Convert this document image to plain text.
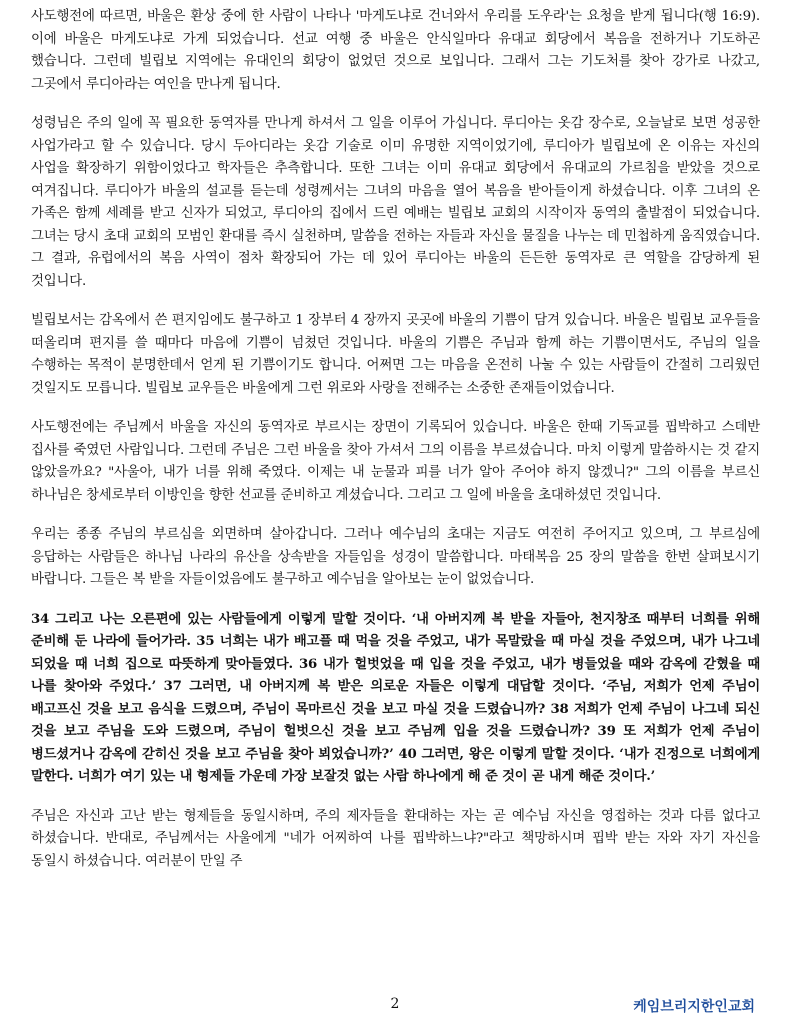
사도행전에 따르면, 바울은 환상 중에 한 사람이 나타나 '마게도냐로 건너와서 우리를 도우라'는 요청을 받게 됩니다(행 16:9). 이에 바울은 마게도냐로 가게 되었습니다. 선교 여행 중 바울은 안식일마다 유대교 회당에서 복음을 전하거나 기도하곤 했습니다. 그런데 빌립보 지역에는 유대인의 회당이 없었던 것으로 보입니다. 그래서 그는 기도처를 찾아 강가로 나갔고, 그곳에서 루디아라는 여인을 만나게 됩니다.

성령님은 주의 일에 꼭 필요한 동역자를 만나게 하셔서 그 일을 이루어 가십니다. 루디아는 옷감 장수로, 오늘날로 보면 성공한 사업가라고 할 수 있습니다. 당시 두아디라는 옷감 기술로 이미 유명한 지역이었기에, 루디아가 빌립보에 온 이유는 자신의 사업을 확장하기 위함이었다고 학자들은 추측합니다. 또한 그녀는 이미 유대교 회당에서 유대교의 가르침을 받았을 것으로 여겨집니다. 루디아가 바울의 설교를 듣는데 성령께서는 그녀의 마음을 열어 복음을 받아들이게 하셨습니다. 이후 그녀의 온 가족은 함께 세례를 받고 신자가 되었고, 루디아의 집에서 드린 예배는 빌립보 교회의 시작이자 동역의 출발점이 되었습니다. 그녀는 당시 초대 교회의 모범인 환대를 즉시 실천하며, 말씀을 전하는 자들과 자신을 물질을 나누는 데 민첩하게 움직였습니다. 그 결과, 유럽에서의 복음 사역이 점차 확장되어 가는 데 있어 루디아는 바울의 든든한 동역자로 큰 역할을 감당하게 된 것입니다.

빌립보서는 감옥에서 쓴 편지임에도 불구하고 1 장부터 4 장까지 곳곳에 바울의 기쁨이 담겨 있습니다. 바울은 빌립보 교우들을 떠올리며 편지를 쓸 때마다 마음에 기쁨이 넘쳤던 것입니다. 바울의 기쁨은 주님과 함께 하는 기쁨이면서도, 주님의 일을 수행하는 목적이 분명한데서 얻게 된 기쁨이기도 합니다. 어쩌면 그는 마음을 온전히 나눌 수 있는 사람들이 간절히 그리웠던 것일지도 모릅니다. 빌립보 교우들은 바울에게 그런 위로와 사랑을 전해주는 소중한 존재들이었습니다.

사도행전에는 주님께서 바울을 자신의 동역자로 부르시는 장면이 기록되어 있습니다. 바울은 한때 기독교를 핍박하고 스데반 집사를 죽였던 사람입니다. 그런데 주님은 그런 바울을 찾아 가셔서 그의 이름을 부르셨습니다. 마치 이렇게 말씀하시는 것 같지 않았을까요? "사울아, 내가 너를 위해 죽였다. 이제는 내 눈물과 피를 너가 알아 주어야 하지 않겠니?" 그의 이름을 부르신 하나님은 창세로부터 이방인을 향한 선교를 준비하고 계셨습니다. 그리고 그 일에 바울을 초대하셨던 것입니다.

우리는 종종 주님의 부르심을 외면하며 살아갑니다. 그러나 예수님의 초대는 지금도 여전히 주어지고 있으며, 그 부르심에 응답하는 사람들은 하나님 나라의 유산을 상속받을 자들임을 성경이 말씀합니다. 마태복음 25 장의 말씀을 한번 살펴보시기 바랍니다. 그들은 복 받을 자들이었음에도 불구하고 예수님을 알아보는 눈이 없었습니다.

34 그리고 나는 오른편에 있는 사람들에게 이렇게 말할 것이다. ‘내 아버지께 복 받을 자들아, 천지창조 때부터 너희를 위해 준비해 둔 나라에 들어가라. 35 너희는 내가 배고플 때 먹을 것을 주었고, 내가 목말랐을 때 마실 것을 주었으며, 내가 나그네 되었을 때 너희 집으로 따뜻하게 맞아들였다. 36 내가 헐벗었을 때 입을 것을 주었고, 내가 병들었을 때와 감옥에 갇혔을 때 나를 찾아와 주었다.’ 37 그러면, 내 아버지께 복 받은 의로운 자들은 이렇게 대답할 것이다. ‘주님, 저희가 언제 주님이 배고프신 것을 보고 음식을 드렸으며, 주님이 목마르신 것을 보고 마실 것을 드렸습니까? 38 저희가 언제 주님이 나그네 되신 것을 보고 주님을 도와 드렸으며, 주님이 헐벗으신 것을 보고 주님께 입을 것을 드렸습니까? 39 또 저희가 언제 주님이 병드셨거나 감옥에 갇히신 것을 보고 주님을 찾아 뵈었습니까?’ 40 그러면, 왕은 이렇게 말할 것이다. ‘내가 진정으로 너희에게 말한다. 너희가 여기 있는 내 형제들 가운데 가장 보잘것 없는 사람 하나에게 해 준 것이 곧 내게 해준 것이다.’

주님은 자신과 고난 받는 형제들을 동일시하며, 주의 제자들을 환대하는 자는 곧 예수님 자신을 영접하는 것과 다름 없다고 하셨습니다. 반대로, 주님께서는 사울에게 "네가 어찌하여 나를 핍박하느냐?"라고 책망하시며 핍박 받는 자와 자기 자신을 동일시 하셨습니다. 여러분이 만일 주

2	케임브리지한인교회
